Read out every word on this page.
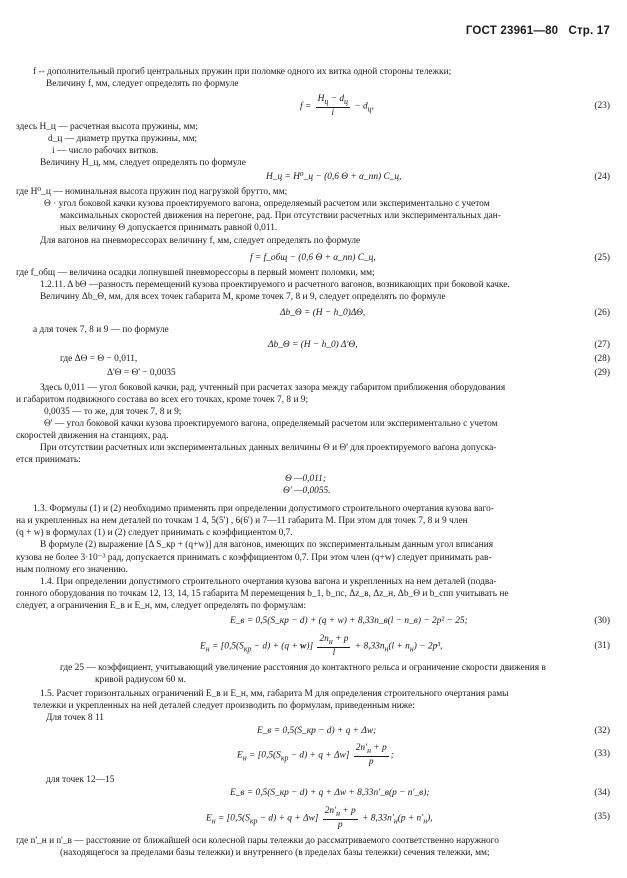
ГОСТ 23961—80 Стр. 17
f -- дополнительный прогиб центральных пружин при поломке одного их витка одной стороны тележки;
Величину f, мм, следует определять по формуле
$f = \frac{H_ц - d_ц}{i} - d_ц$,	(23)
здесь H_ц — расчетная высота пружины, мм;
d_ц — диаметр прутка пружины, мм;
i — число рабочих витков.
Величину H_ц, мм, следует определять по формуле
H_ц = H⁰_ц − (0,6 Θ + α_пп) C_ц,	(24)
где H⁰_ц — номинальная высота пружин под нагрузкой брутто, мм;
Θ · угол боковой качки кузова проектируемого вагона, определяемый расчетом или экспериментально с учетом
максимальных скоростей движения на перегоне, рад. При отсутствии расчетных или экспериментальных дан-
ных величину Θ допускается принимать равной 0,011.
Для вагонов на пневморессорах величину f, мм, следует определять по формуле
f = f_общ − (0,6 Θ + α_пп) C_ц,	(25)
где f_общ — величина осадки лопнувшей пневморессоры в первый момент поломки, мм;
1.2.11. Δ bΘ —разность перемещений кузова проектируемого и расчетного вагонов, возникающих при боковой качке.
Величину Δb_Θ, мм, для всех точек габарита М, кроме точек 7, 8 и 9, следует определять по формуле
Δb_Θ = (H − h_0)ΔΘ,	(26)
а для точек 7, 8 и 9 — по формуле
Δb_Θ = (H − h_0) Δ'Θ,	(27)
где ΔΘ = Θ − 0,011,	(28)
Δ'Θ = Θ' − 0,0035	(29)
Здесь 0,011 — угол боковой качки, рад, учтенный при расчетах зазора между габаритом приближения оборудования
и габаритом подвижного состава во всех его точках, кроме точек 7, 8 и 9;
0,0035 — то же, для точек 7, 8 и 9;
Θ' — угол боковой качки кузова проектируемого вагона, определяемый расчетом или экспериментально с учетом
скоростей движения на станциях, рад.
При отсутствии расчетных или экспериментальных данных величины Θ и Θ' для проектируемого вагона допуска-
ется принимать:
Θ —0,011;
Θ' —0,0055.
1.3. Формулы (1) и (2) необходимо применять при определении допустимого строительного очертания кузова ваго-
на и укрепленных на нем деталей по точкам 1 4, 5(5') , 6(6') и 7—11 габарита М. При этом для точек 7, 8 и 9 член
(q + w) в формулах (1) и (2) следует принимать с коэффициентом 0,7.
В формуле (2) выражение [Δ S_кр + (q+w)] для вагонов, имеющих по экспериментальным данным угол вписания
кузова не более 3·10⁻³ рад, допускается принимать с коэффициентом 0,7. При этом член (q+w) следует принимать рав-
ным полному его значению.
1.4. При определении допустимого строительного очертания кузова вагона и укрепленных на нем деталей (подва-
гонного оборудования по точкам 12, 13, 14, 15 габарита М перемещения b_1, b_пс, Δz_в, Δz_н, Δb_Θ и b_спп учитывать не
следует, а ограничения E_в и E_н, мм, следует определять по формулам:
E_в = 0,5(S_кр − d) + (q + w) + 8,33n_в(l − n_в) − 2p² − 25;	(30)
$E_н = [0,5(S_{кр} - d) + (q + w)] \frac{2n_н + p}{l} + 8,33n_н(l + n_н) - 2p^3$,	(31)
где 25 — коэффициент, учитывающий увеличение расстояния до контактного рельса и ограничение скорости движения в
кривой радиусом 60 м.
1.5. Расчет горизонтальных ограничений E_в и E_н, мм, габарита М для определения строительного очертания рамы
тележки и укрепленных на ней деталей следует производить по формулам, приведенным ниже:
Для точек 8 11
E_в = 0,5(S_кр − d) + q + Δw;	(32)
$E_н = [0,5(S_{кр} - d) + q + \Delta w] \frac{2n'_н + p}{p}$ ;	(33)
для точек 12—15
E_в = 0,5(S_кр − d) + q + Δw + 8,33n'_в(p − n'_в);	(34)
$E_н = [0,5(S_{кр} - d) + q + \Delta w] \frac{2n'_н + p}{p} + 8,33n'_н(p + n'_н)$,	(35)
где n'_н и n'_в — расстояние от ближайшей оси колесной пары тележки до рассматриваемого соответственно наружного
(находящегося за пределами базы тележки) и внутреннего (в пределах базы тележки) сечения тележки, мм;
